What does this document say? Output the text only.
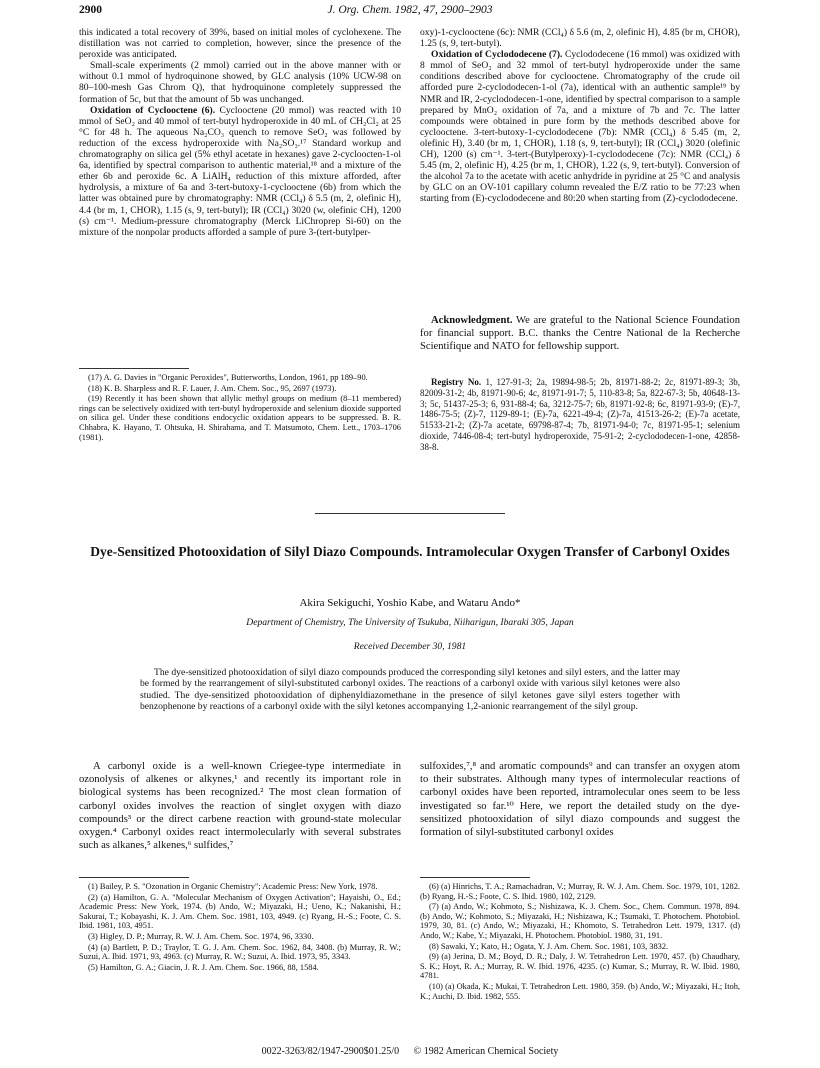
2900	J. Org. Chem. 1982, 47, 2900–2903

this indicated a total recovery of 39%, based on initial moles of cyclohexene. The distillation was not carried to completion, however, since the presence of the peroxide was anticipated.

Small-scale experiments (2 mmol) carried out in the above manner with or without 0.1 mmol of hydroquinone showed, by GLC analysis (10% UCW-98 on 80–100-mesh Gas Chrom Q), that hydroquinone completely suppressed the formation of 5c, but that the amount of 5b was unchanged.

Oxidation of Cyclooctene (6). Cyclooctene (20 mmol) was reacted with 10 mmol of SeO₂ and 40 mmol of tert-butyl hydroperoxide in 40 mL of CH₂Cl₂ at 25 °C for 48 h. The aqueous Na₂CO₃ quench to remove SeO₂ was followed by reduction of the excess hydroperoxide with Na₂SO₃.¹⁷ Standard workup and chromatography on silica gel (5% ethyl acetate in hexanes) gave 2-cycloocten-1-ol 6a, identified by spectral comparison to authentic material,¹⁸ and a mixture of the ether 6b and peroxide 6c. A LiAlH₄ reduction of this mixture afforded, after hydrolysis, a mixture of 6a and 3-tert-butoxy-1-cyclooctene (6b) from which the latter was obtained pure by chromatography: NMR (CCl₄) δ 5.5 (m, 2, olefinic H), 4.4 (br m, 1, CHOR), 1.15 (s, 9, tert-butyl); IR (CCl₄) 3020 (w, olefinic CH), 1200 (s) cm⁻¹. Medium-pressure chromatography (Merck LiChroprep Si-60) on the mixture of the nonpolar products afforded a sample of pure 3-(tert-butylper-

(17) A. G. Davies in "Organic Peroxides", Butterworths, London, 1961, pp 189–90.

(18) K. B. Sharpless and R. F. Lauer, J. Am. Chem. Soc., 95, 2697 (1973).

(19) Recently it has been shown that allylic methyl groups on medium (8–11 membered) rings can be selectively oxidized with tert-butyl hydroperoxide and selenium dioxide supported on silica gel. Under these conditions endocyclic oxidation appears to be suppressed. B. R. Chhabra, K. Hayano, T. Ohtsuka, H. Shirahama, and T. Matsumoto, Chem. Lett., 1703–1706 (1981).

oxy)-1-cyclooctene (6c): NMR (CCl₄) δ 5.6 (m, 2, olefinic H), 4.85 (br m, CHOR), 1.25 (s, 9, tert-butyl).

Oxidation of Cyclododecene (7). Cyclododecene (16 mmol) was oxidized with 8 mmol of SeO₂ and 32 mmol of tert-butyl hydroperoxide under the same conditions described above for cyclooctene. Chromatography of the crude oil afforded pure 2-cyclododecen-1-ol (7a), identical with an authentic sample¹⁹ by NMR and IR, 2-cyclododecen-1-one, identified by spectral comparison to a sample prepared by MnO₂ oxidation of 7a, and a mixture of 7b and 7c. The latter compounds were obtained in pure form by the methods described above for cyclooctene. 3-tert-butoxy-1-cyclododecene (7b): NMR (CCl₄) δ 5.45 (m, 2, olefinic H), 3.40 (br m, 1, CHOR), 1.18 (s, 9, tert-butyl); IR (CCl₄) 3020 (olefinic CH), 1200 (s) cm⁻¹. 3-tert-(Butylperoxy)-1-cyclododecene (7c): NMR (CCl₄) δ 5.45 (m, 2, olefinic H), 4.25 (br m, 1, CHOR), 1.22 (s, 9, tert-butyl). Conversion of the alcohol 7a to the acetate with acetic anhydride in pyridine at 25 °C and analysis by GLC on an OV-101 capillary column revealed the E/Z ratio to be 77:23 when starting from (E)-cyclododecene and 80:20 when starting from (Z)-cyclododecene.

Acknowledgment. We are grateful to the National Science Foundation for financial support. B.C. thanks the Centre National de la Recherche Scientifique and NATO for fellowship support.

Registry No. 1, 127-91-3; 2a, 19894-98-5; 2b, 81971-88-2; 2c, 81971-89-3; 3b, 82009-31-2; 4b, 81971-90-6; 4c, 81971-91-7; 5, 110-83-8; 5a, 822-67-3; 5b, 40648-13-3; 5c, 51437-25-3; 6, 931-88-4; 6a, 3212-75-7; 6b, 81971-92-8; 6c, 81971-93-9; (E)-7, 1486-75-5; (Z)-7, 1129-89-1; (E)-7a, 6221-49-4; (Z)-7a, 41513-26-2; (E)-7a acetate, 51533-21-2; (Z)-7a acetate, 69798-87-4; 7b, 81971-94-0; 7c, 81971-95-1; selenium dioxide, 7446-08-4; tert-butyl hydroperoxide, 75-91-2; 2-cyclododecen-1-one, 42858-38-8.

Dye-Sensitized Photooxidation of Silyl Diazo Compounds. Intramolecular Oxygen Transfer of Carbonyl Oxides
Akira Sekiguchi, Yoshio Kabe, and Wataru Ando*
Department of Chemistry, The University of Tsukuba, Niiharigun, Ibaraki 305, Japan
Received December 30, 1981
The dye-sensitized photooxidation of silyl diazo compounds produced the corresponding silyl ketones and silyl esters, and the latter may be formed by the rearrangement of silyl-substituted carbonyl oxides. The reactions of a carbonyl oxide with various silyl ketones were also studied. The dye-sensitized photooxidation of diphenyldiazomethane in the presence of silyl ketones gave silyl esters together with benzophenone by reactions of a carbonyl oxide with the silyl ketones accompanying 1,2-anionic rearrangement of the silyl group.

A carbonyl oxide is a well-known Criegee-type intermediate in ozonolysis of alkenes or alkynes,¹ and recently its important role in biological systems has been recognized.² The most clean formation of carbonyl oxides involves the reaction of singlet oxygen with diazo compounds³ or the direct carbene reaction with ground-state molecular oxygen.⁴ Carbonyl oxides react intermolecularly with several substrates such as alkanes,⁵ alkenes,⁶ sulfides,⁷

sulfoxides,⁷,⁸ and aromatic compounds⁹ and can transfer an oxygen atom to their substrates. Although many types of intermolecular reactions of carbonyl oxides have been reported, intramolecular ones seem to be less investigated so far.¹⁰ Here, we report the detailed study on the dye-sensitized photooxidation of silyl diazo compounds and suggest the formation of silyl-substituted carbonyl oxides

(1) Bailey, P. S. "Ozonation in Organic Chemistry"; Academic Press: New York, 1978.

(2) (a) Hamilton, G. A. "Molecular Mechanism of Oxygen Activation"; Hayaishi, O., Ed.; Academic Press: New York, 1974. (b) Ando, W.; Miyazaki, H.; Ueno, K.; Nakanishi, H.; Sakurai, T.; Kobayashi, K. J. Am. Chem. Soc. 1981, 103, 4949. (c) Ryang, H.-S.; Foote, C. S. Ibid. 1981, 103, 4951.

(3) Higley, D. P.; Murray, R. W. J. Am. Chem. Soc. 1974, 96, 3330.

(4) (a) Bartlett, P. D.; Traylor, T. G. J. Am. Chem. Soc. 1962, 84, 3408. (b) Murray, R. W.; Suzui, A. Ibid. 1971, 93, 4963. (c) Murray, R. W.; Suzui, A. Ibid. 1973, 95, 3343.

(5) Hamilton, G. A.; Giacin, J. R. J. Am. Chem. Soc. 1966, 88, 1584.

(6) (a) Hinrichs, T. A.; Ramachadran, V.; Murray, R. W. J. Am. Chem. Soc. 1979, 101, 1282. (b) Ryang, H.-S.; Foote, C. S. Ibid. 1980, 102, 2129.

(7) (a) Ando, W.; Kohmoto, S.; Nishizawa, K. J. Chem. Soc., Chem. Commun. 1978, 894. (b) Ando, W.; Kohmoto, S.; Miyazaki, H.; Nishizawa, K.; Tsumaki, T. Photochem. Photobiol. 1979, 30, 81. (c) Ando, W.; Miyazaki, H.; Khomoto, S. Tetrahedron Lett. 1979, 1317. (d) Ando, W.; Kabe, Y.; Miyazaki, H. Photochem. Photobiol. 1980, 31, 191.

(8) Sawaki, Y.; Kato, H.; Ogata, Y. J. Am. Chem. Soc. 1981, 103, 3832.

(9) (a) Jerina, D. M.; Boyd, D. R.; Daly, J. W. Tetrahedron Lett. 1970, 457. (b) Chaudhary, S. K.; Hoyt, R. A.; Murray, R. W. Ibid. 1976, 4235. (c) Kumar, S.; Murray, R. W. Ibid. 1980, 4781.

(10) (a) Okada, K.; Mukai, T. Tetrahedron Lett. 1980, 359. (b) Ando, W.; Miyazaki, H.; Itoh, K.; Auchi, D. Ibid. 1982, 555.

0022-3263/82/1947-2900$01.25/0 © 1982 American Chemical Society
